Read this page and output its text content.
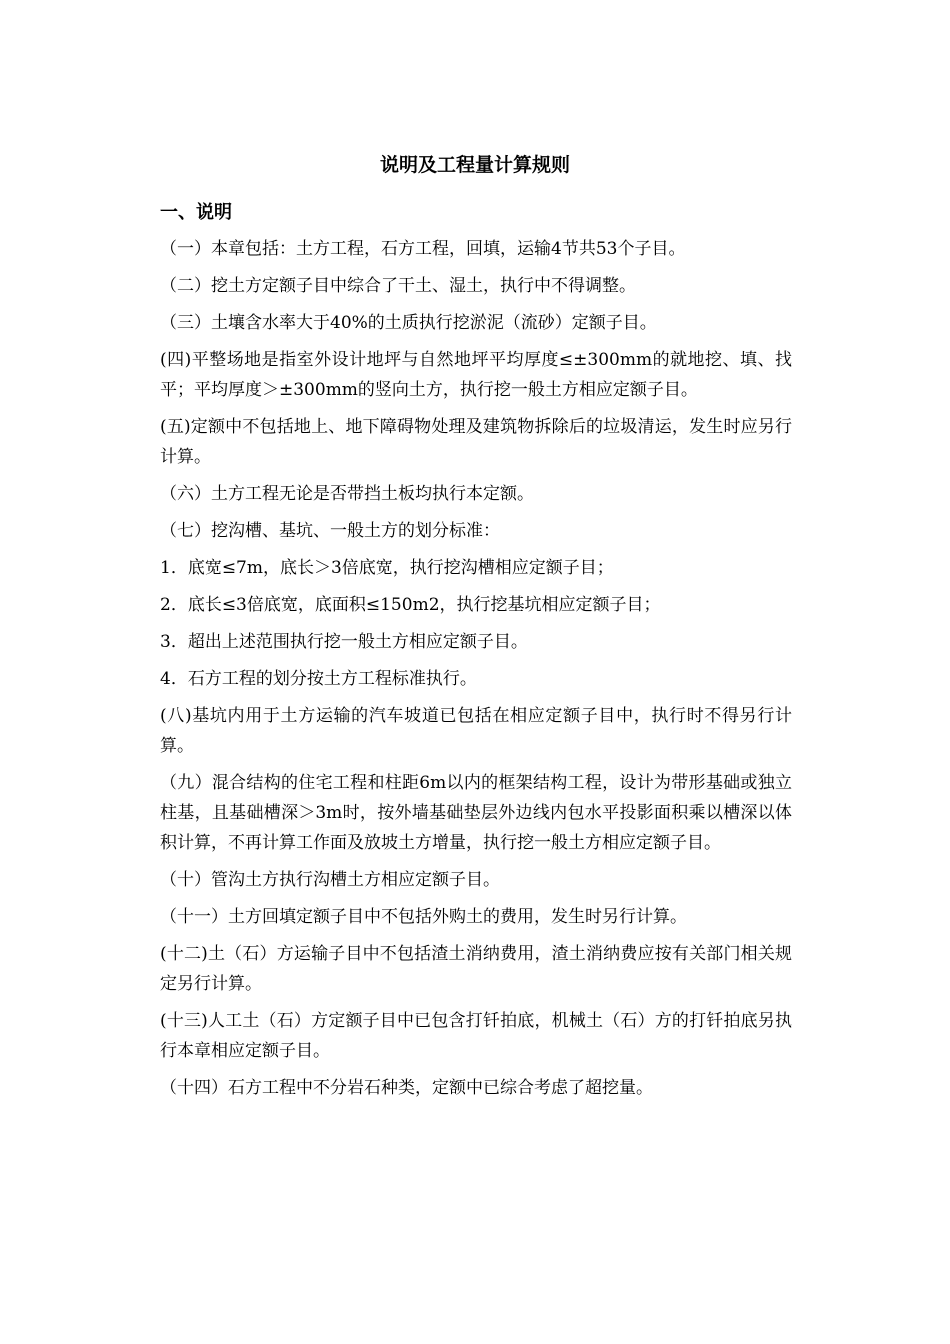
说明及工程量计算规则
一、说明

（一）本章包括：土方工程，石方工程，回填，运输4节共53个子目。

（二）挖土方定额子目中综合了干土、湿土，执行中不得调整。

（三）土壤含水率大于40%的土质执行挖淤泥（流砂）定额子目。

(四)平整场地是指室外设计地坪与自然地坪平均厚度≤±300mm的就地挖、填、找平；平均厚度＞±300mm的竖向土方，执行挖一般土方相应定额子目。

(五)定额中不包括地上、地下障碍物处理及建筑物拆除后的垃圾清运，发生时应另行计算。

（六）土方工程无论是否带挡土板均执行本定额。

（七）挖沟槽、基坑、一般土方的划分标准：

1．底宽≤7m，底长＞3倍底宽，执行挖沟槽相应定额子目；

2．底长≤3倍底宽，底面积≤150m2，执行挖基坑相应定额子目；

3．超出上述范围执行挖一般土方相应定额子目。

4．石方工程的划分按土方工程标准执行。

(八)基坑内用于土方运输的汽车坡道已包括在相应定额子目中，执行时不得另行计算。

（九）混合结构的住宅工程和柱距6m以内的框架结构工程，设计为带形基础或独立柱基，且基础槽深＞3m时，按外墙基础垫层外边线内包水平投影面积乘以槽深以体积计算，不再计算工作面及放坡土方增量，执行挖一般土方相应定额子目。

（十）管沟土方执行沟槽土方相应定额子目。

（十一）土方回填定额子目中不包括外购土的费用，发生时另行计算。

(十二)土（石）方运输子目中不包括渣土消纳费用，渣土消纳费应按有关部门相关规定另行计算。

(十三)人工土（石）方定额子目中已包含打钎拍底，机械土（石）方的打钎拍底另执行本章相应定额子目。

（十四）石方工程中不分岩石种类，定额中已综合考虑了超挖量。
